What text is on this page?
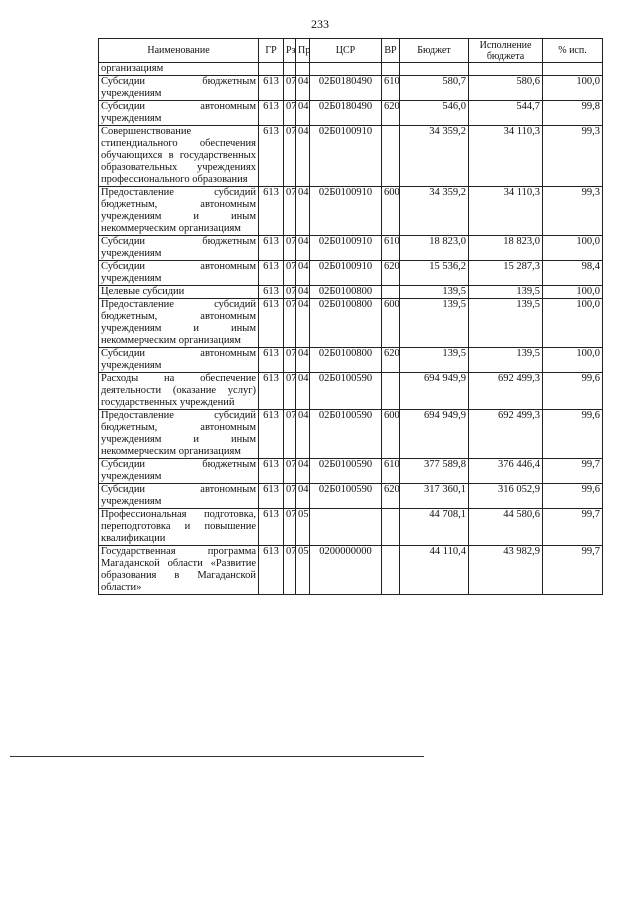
233
Наименование	ГР	Рз	Пр	ЦСР	ВР	Бюджет	Исполнение бюджета	% исп.
организациям								
Субсидии бюджетным учреждениям	613	07	04	02Б0180490	610	580,7	580,6	100,0
Субсидии автономным учреждениям	613	07	04	02Б0180490	620	546,0	544,7	99,8
Совершенствование стипендиального обеспечения обучающихся в государственных образовательных учреждениях профессионального образования	613	07	04	02Б0100910		34 359,2	34 110,3	99,3
Предоставление субсидий бюджетным, автономным учреждениям и иным некоммерческим организациям	613	07	04	02Б0100910	600	34 359,2	34 110,3	99,3
Субсидии бюджетным учреждениям	613	07	04	02Б0100910	610	18 823,0	18 823,0	100,0
Субсидии автономным учреждениям	613	07	04	02Б0100910	620	15 536,2	15 287,3	98,4
Целевые субсидии	613	07	04	02Б0100800		139,5	139,5	100,0
Предоставление субсидий бюджетным, автономным учреждениям и иным некоммерческим организациям	613	07	04	02Б0100800	600	139,5	139,5	100,0
Субсидии автономным учреждениям	613	07	04	02Б0100800	620	139,5	139,5	100,0
Расходы на обеспечение деятельности (оказание услуг) государственных учреждений	613	07	04	02Б0100590		694 949,9	692 499,3	99,6
Предоставление субсидий бюджетным, автономным учреждениям и иным некоммерческим организациям	613	07	04	02Б0100590	600	694 949,9	692 499,3	99,6
Субсидии бюджетным учреждениям	613	07	04	02Б0100590	610	377 589,8	376 446,4	99,7
Субсидии автономным учреждениям	613	07	04	02Б0100590	620	317 360,1	316 052,9	99,6
Профессиональная подготовка, переподготовка и повышение квалификации	613	07	05			44 708,1	44 580,6	99,7
Государственная программа Магаданской области «Развитие образования в Магаданской области»	613	07	05	0200000000		44 110,4	43 982,9	99,7
